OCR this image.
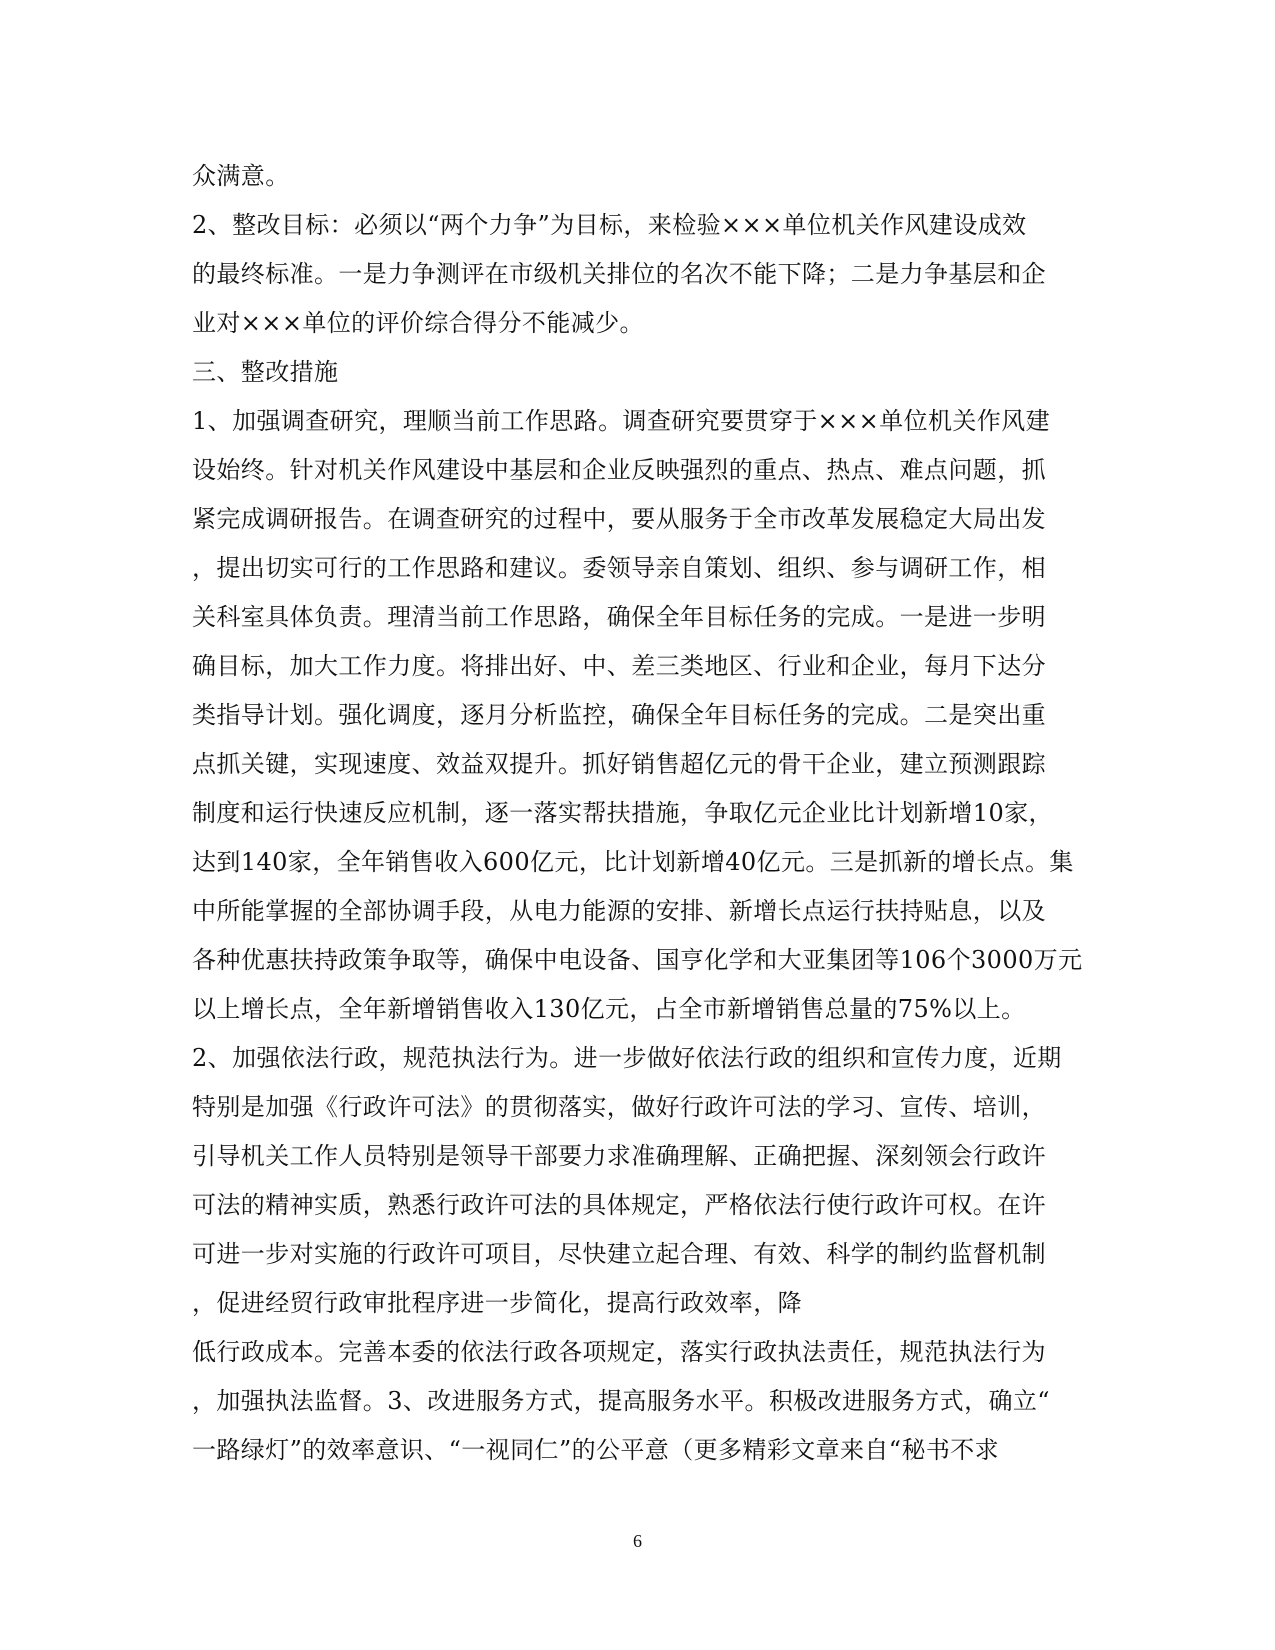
众满意。
2、整改目标：必须以“两个力争”为目标，来检验×××单位机关作风建设成效
的最终标准。一是力争测评在市级机关排位的名次不能下降；二是力争基层和企
业对×××单位的评价综合得分不能减少。
三、整改措施
1、加强调查研究，理顺当前工作思路。调查研究要贯穿于×××单位机关作风建
设始终。针对机关作风建设中基层和企业反映强烈的重点、热点、难点问题，抓
紧完成调研报告。在调查研究的过程中，要从服务于全市改革发展稳定大局出发
，提出切实可行的工作思路和建议。委领导亲自策划、组织、参与调研工作，相
关科室具体负责。理清当前工作思路，确保全年目标任务的完成。一是进一步明
确目标，加大工作力度。将排出好、中、差三类地区、行业和企业，每月下达分
类指导计划。强化调度，逐月分析监控，确保全年目标任务的完成。二是突出重
点抓关键，实现速度、效益双提升。抓好销售超亿元的骨干企业，建立预测跟踪
制度和运行快速反应机制，逐一落实帮扶措施，争取亿元企业比计划新增10家，
达到140家，全年销售收入600亿元，比计划新增40亿元。三是抓新的增长点。集
中所能掌握的全部协调手段，从电力能源的安排、新增长点运行扶持贴息，以及
各种优惠扶持政策争取等，确保中电设备、国亨化学和大亚集团等106个3000万元
以上增长点，全年新增销售收入130亿元，占全市新增销售总量的75%以上。
2、加强依法行政，规范执法行为。进一步做好依法行政的组织和宣传力度，近期
特别是加强《行政许可法》的贯彻落实，做好行政许可法的学习、宣传、培训，
引导机关工作人员特别是领导干部要力求准确理解、正确把握、深刻领会行政许
可法的精神实质，熟悉行政许可法的具体规定，严格依法行使行政许可权。在许
可进一步对实施的行政许可项目，尽快建立起合理、有效、科学的制约监督机制
，促进经贸行政审批程序进一步简化，提高行政效率，降
低行政成本。完善本委的依法行政各项规定，落实行政执法责任，规范执法行为
，加强执法监督。3、改进服务方式，提高服务水平。积极改进服务方式，确立“
一路绿灯”的效率意识、“一视同仁”的公平意（更多精彩文章来自“秘书不求
6
